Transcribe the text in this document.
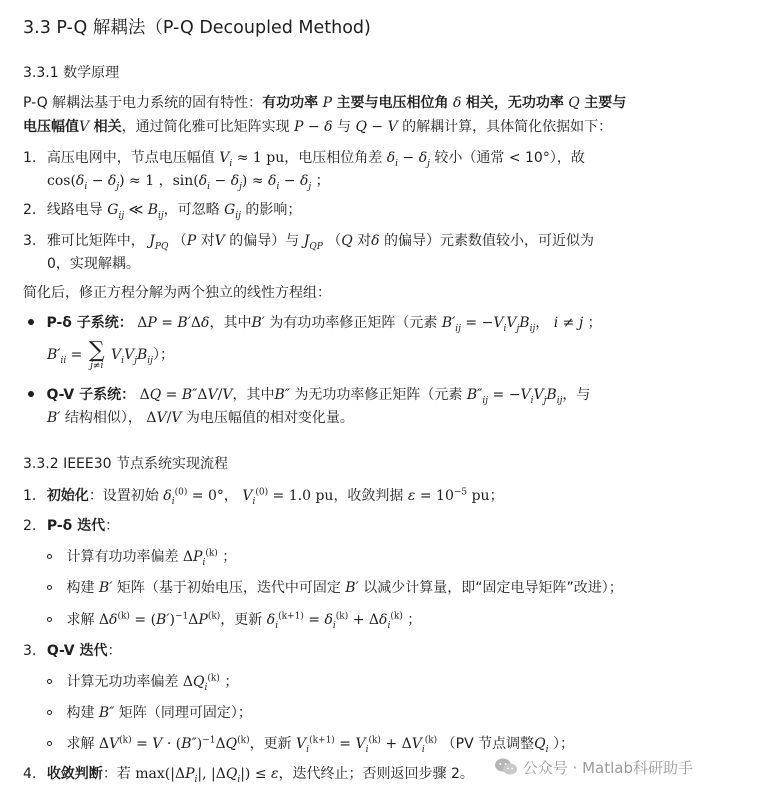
3.3 P-Q 解耦法（P-Q Decoupled Method)
3.3.1 数学原理
P-Q 解耦法基于电力系统的固有特性：有功功率 P 主要与电压相位角 δ 相关，无功功率 Q 主要与
电压幅值V 相关，通过简化雅可比矩阵实现 P − δ 与 Q − V 的解耦计算，具体简化依据如下：
1. 高压电网中，节点电压幅值 $V_i \approx 1$ pu，电压相位角差 $\delta_i - \delta_j$ 较小（通常 < 10°），故
$\cos(\delta_i - \delta_j) \approx 1$ ，$\sin(\delta_i - \delta_j) \approx \delta_i - \delta_j$ ；
2. 线路电导 $G_{ij}$ ≪ $B_{ij}$，可忽略 $G_{ij}$ 的影响；
3. 雅可比矩阵中， $J_{PQ}$ （P 对V 的偏导）与 $J_{QP}$ （Q 对δ 的偏导）元素数值较小，可近似为
0，实现解耦。
简化后，修正方程分解为两个独立的线性方程组：
P-δ 子系统： ΔP = B′Δδ，其中B′ 为有功功率修正矩阵（元素 $B'_{ij} = -V_iV_jB_{ij}$， i ≠ j ；
$B'_{ii}$ = ∑
j≠i
$V_iV_jB_{ij}$）；
Q-V 子系统： ΔQ = B″ΔV/V，其中B″ 为无功功率修正矩阵（元素 $B''_{ij} = -V_iV_jB_{ij}$，与
B′ 结构相似）， ΔV/V 为电压幅值的相对变化量。
3.3.2 IEEE30 节点系统实现流程
1. 初始化：设置初始 $\delta_i^{(0)} = 0^\circ$， $V_i^{(0)} = 1.0$ pu，收敛判据 $\varepsilon = 10^{-5}$ pu；
2. P-δ 迭代：
计算有功功率偏差 $\Delta P_i^{(k)}$ ；
构建 B′ 矩阵（基于初始电压，迭代中可固定 B′ 以减少计算量，即“固定电导矩阵”改进）；
求解 $\Delta\delta^{(k)} = (B')^{-1}\Delta P^{(k)}$，更新 $\delta_i^{(k+1)} = \delta_i^{(k)} + \Delta\delta_i^{(k)}$ ；
3. Q-V 迭代：
计算无功功率偏差 $\Delta Q_i^{(k)}$ ；
构建 B″ 矩阵（同理可固定）；
求解 $\Delta V^{(k)} = V \cdot (B'')^{-1}\Delta Q^{(k)}$，更新 $V_i^{(k+1)} = V_i^{(k)} + \Delta V_i^{(k)}$ （PV 节点调整$Q_i$ ）；
4. 收敛判断：若 $\max(|\Delta P_i|$, $|\Delta Q_i|) \le \varepsilon$，迭代终止；否则返回步骤 2。	公众号 · Matlab科研助手
